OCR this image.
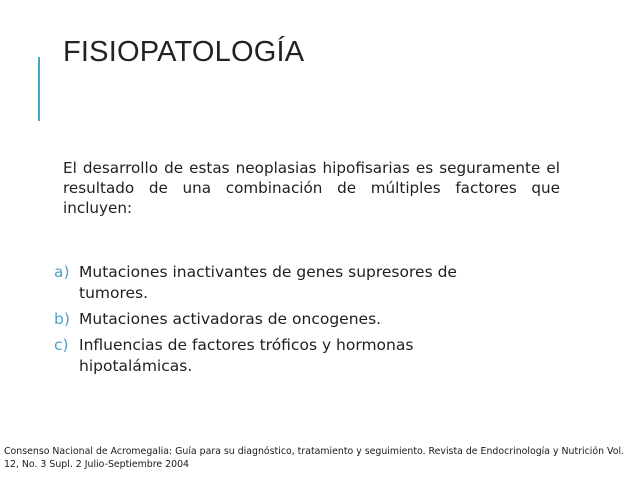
FISIOPATOLOGÍA

El desarrollo de estas neoplasias hipofisarias es seguramente el resultado de una combinación de múltiples factores que incluyen:

a) Mutaciones inactivantes de genes supresores de tumores.
b) Mutaciones activadoras de oncogenes.
c) Influencias de factores tróficos y hormonas hipotalámicas.

Consenso Nacional de Acromegalia: Guía para su diagnóstico, tratamiento y seguimiento. Revista de Endocrinología y Nutrición Vol. 12, No. 3 Supl. 2 Julio-Septiembre 2004
